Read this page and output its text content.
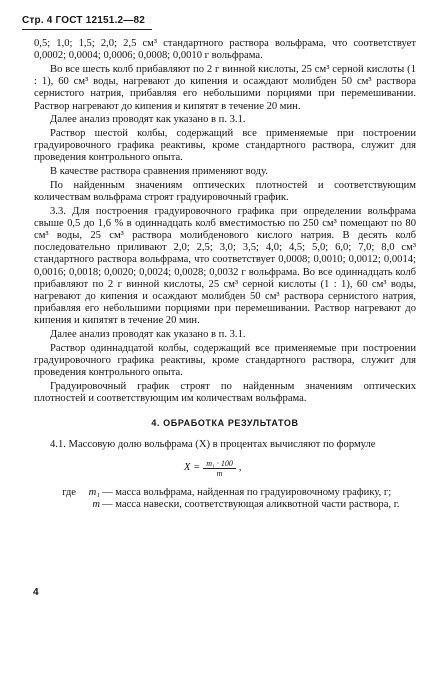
Стр. 4 ГОСТ 12151.2—82

0,5; 1,0; 1,5; 2,0; 2,5 см³ стандартного раствора вольфрама, что соответствует 0,0002; 0,0004; 0,0006; 0,0008; 0,0010 г вольфрама.

Во все шесть колб прибавляют по 2 г винной кислоты, 25 см³ серной кислоты (1 : 1), 60 см³ воды, нагревают до кипения и осаждают молибден 50 см³ раствора сернистого натрия, прибавляя его небольшими порциями при перемешивании. Раствор нагревают до кипения и кипятят в течение 20 мин.

Далее анализ проводят как указано в п. 3.1.

Раствор шестой колбы, содержащий все применяемые при построении градуировочного графика реактивы, кроме стандартного раствора, служит для проведения контрольного опыта.

В качестве раствора сравнения применяют воду.

По найденным значениям оптических плотностей и соответствующим количествам вольфрама строят градуировочный график.

3.3. Для построения градуировочного графика при определении вольфрама свыше 0,5 до 1,6 % в одиннадцать колб вместимостью по 250 см³ помещают по 80 см³ воды, 25 см³ раствора молибденового кислого натрия. В десять колб последовательно приливают 2,0; 2,5; 3,0; 3,5; 4,0; 4,5; 5,0; 6,0; 7,0; 8,0 см³ стандартного раствора вольфрама, что соответствует 0,0008; 0,0010; 0,0012; 0,0014; 0,0016; 0,0018; 0,0020; 0,0024; 0,0028; 0,0032 г вольфрама. Во все одиннадцать колб прибавляют по 2 г винной кислоты, 25 см³ серной кислоты (1 : 1), 60 см³ воды, нагревают до кипения и осаждают молибден 50 см³ раствора сернистого натрия, прибавляя его небольшими порциями при перемешивании. Раствор нагревают до кипения и кипятят в течение 20 мин.

Далее анализ проводят как указано в п. 3.1.

Раствор одиннадцатой колбы, содержащий все применяемые при построении градуировочного графика реактивы, кроме стандартного раствора, служит для проведения контрольного опыта.

Градуировочный график строят по найденным значениям оптических плотностей и соответствующим им количествам вольфрама.

4. ОБРАБОТКА РЕЗУЛЬТАТОВ

4.1. Массовую долю вольфрама (X) в процентах вычисляют по формуле

$X = \frac{\text{m₁ · 100}}{m}$ ,
где	m₁ — масса вольфрама, найденная по градуировочному графику, г;
m — масса навески, соответствующая аликвотной части раствора, г.
4
